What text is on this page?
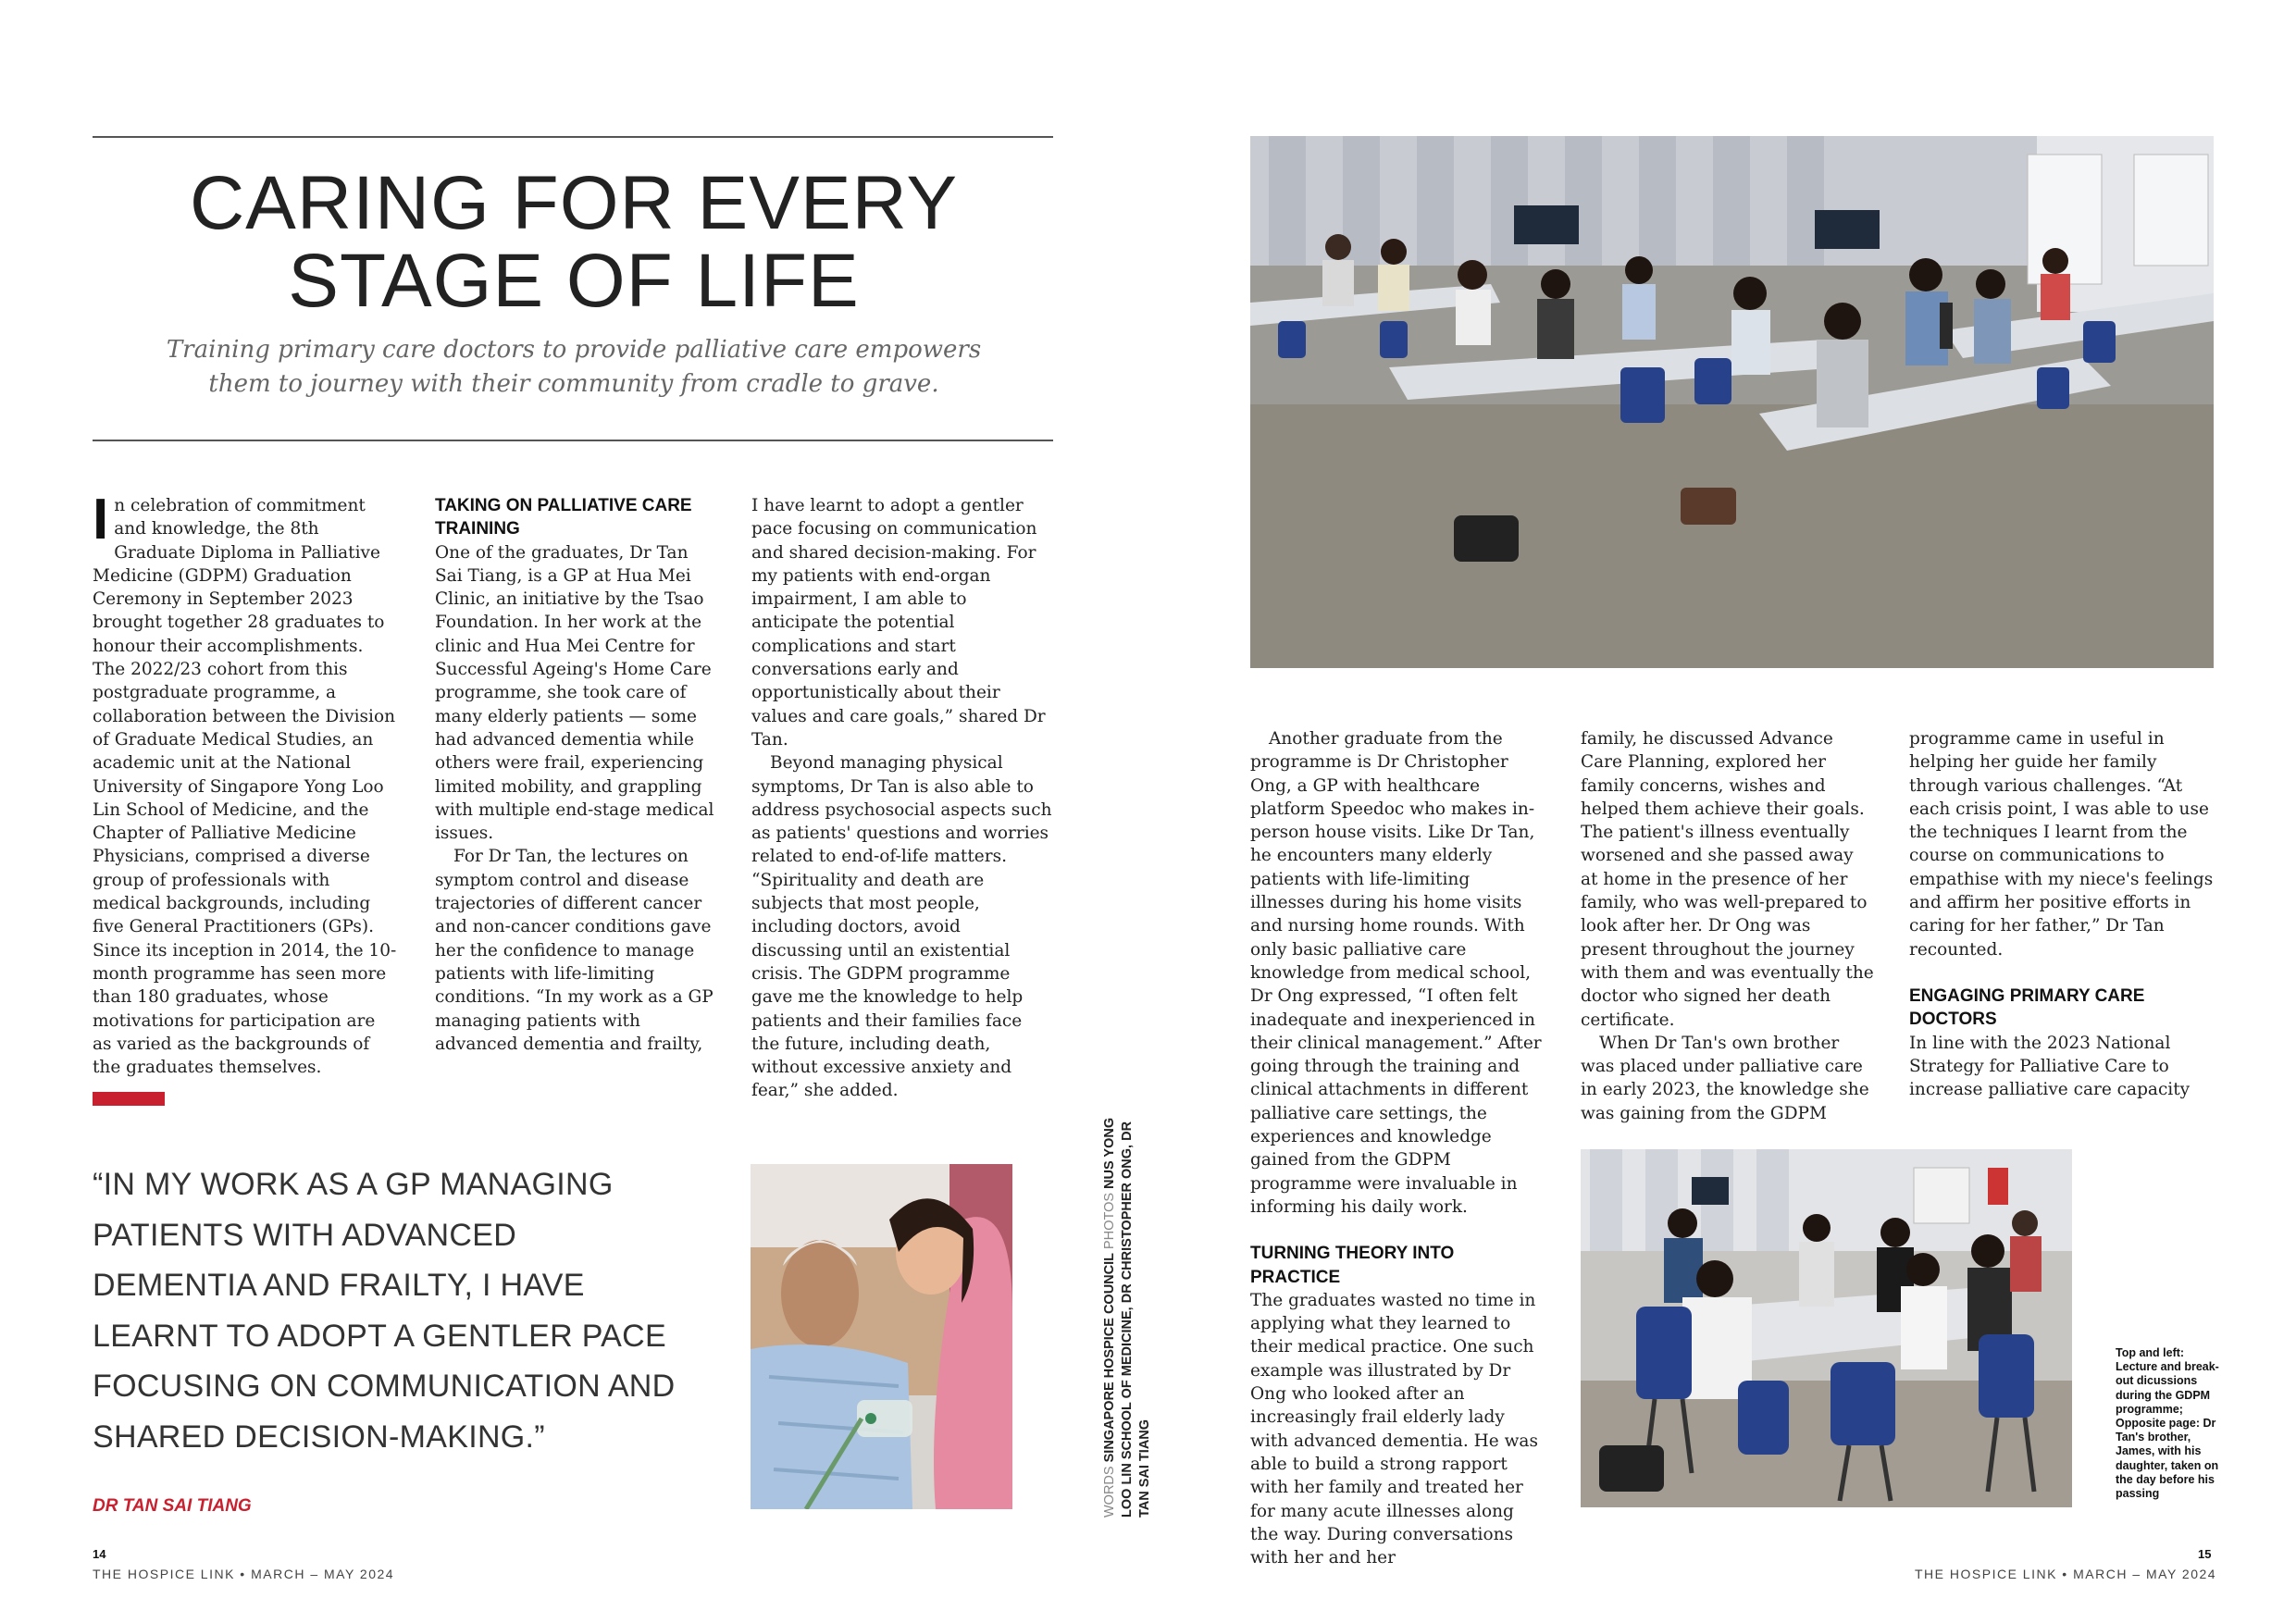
CARING FOR EVERY STAGE OF LIFE

Training primary care doctors to provide palliative care empowers them to journey with their community from cradle to grave.

I n celebration of commitment and knowledge, the 8th Graduate Diploma in Palliative Medicine (GDPM) Graduation Ceremony in September 2023 brought together 28 graduates to honour their accomplishments. The 2022/23 cohort from this postgraduate programme, a collaboration between the Division of Graduate Medical Studies, an academic unit at the National University of Singapore Yong Loo Lin School of Medicine, and the Chapter of Palliative Medicine Physicians, comprised a diverse group of professionals with medical backgrounds, including five General Practitioners (GPs). Since its inception in 2014, the 10-month programme has seen more than 180 graduates, whose motivations for participation are as varied as the backgrounds of the graduates themselves.

TAKING ON PALLIATIVE CARE TRAINING

One of the graduates, Dr Tan Sai Tiang, is a GP at Hua Mei Clinic, an initiative by the Tsao Foundation. In her work at the clinic and Hua Mei Centre for Successful Ageing's Home Care programme, she took care of many elderly patients — some had advanced dementia while others were frail, experiencing limited mobility, and grappling with multiple end-stage medical issues.

For Dr Tan, the lectures on symptom control and disease trajectories of different cancer and non-cancer conditions gave her the confidence to manage patients with life-limiting conditions. “In my work as a GP managing patients with advanced dementia and frailty,

I have learnt to adopt a gentler pace focusing on communication and shared decision-making. For my patients with end-organ impairment, I am able to anticipate the potential complications and start conversations early and opportunistically about their values and care goals,” shared Dr Tan.

Beyond managing physical symptoms, Dr Tan is also able to address psychosocial aspects such as patients' questions and worries related to end-of-life matters. “Spirituality and death are subjects that most people, including doctors, avoid discussing until an existential crisis. The GDPM programme gave me the knowledge to help patients and their families face the future, including death, without excessive anxiety and fear,” she added.

“IN MY WORK AS A GP MANAGING PATIENTS WITH ADVANCED DEMENTIA AND FRAILTY, I HAVE LEARNT TO ADOPT A GENTLER PACE FOCUSING ON COMMUNICATION AND SHARED DECISION-MAKING.”
DR TAN SAI TIANG	WORDS SINGAPORE HOSPICE COUNCIL PHOTOS NUS YONG LOO LIN SCHOOL OF MEDICINE, DR CHRISTOPHER ONG, DR TAN SAI TIANG
14
THE HOSPICE LINK • MARCH – MAY 2024

Another graduate from the programme is Dr Christopher Ong, a GP with healthcare platform Speedoc who makes in-person house visits. Like Dr Tan, he encounters many elderly patients with life-limiting illnesses during his home visits and nursing home rounds. With only basic palliative care knowledge from medical school, Dr Ong expressed, “I often felt inadequate and inexperienced in their clinical management.” After going through the training and clinical attachments in different palliative care settings, the experiences and knowledge gained from the GDPM programme were invaluable in informing his daily work.

TURNING THEORY INTO PRACTICE

The graduates wasted no time in applying what they learned to their medical practice. One such example was illustrated by Dr Ong who looked after an increasingly frail elderly lady with advanced dementia. He was able to build a strong rapport with her family and treated her for many acute illnesses along the way. During conversations with her and her

family, he discussed Advance Care Planning, explored her family concerns, wishes and helped them achieve their goals. The patient's illness eventually worsened and she passed away at home in the presence of her family, who was well-prepared to look after her. Dr Ong was present throughout the journey with them and was eventually the doctor who signed her death certificate.

When Dr Tan's own brother was placed under palliative care in early 2023, the knowledge she was gaining from the GDPM

programme came in useful in helping her guide her family through various challenges. “At each crisis point, I was able to use the techniques I learnt from the course on communications to empathise with my niece's feelings and affirm her positive efforts in caring for her father,” Dr Tan recounted.

ENGAGING PRIMARY CARE DOCTORS

In line with the 2023 National Strategy for Palliative Care to increase palliative care capacity

Top and left: Lecture and break-out dicussions during the GDPM programme; Opposite page: Dr Tan's brother, James, with his daughter, taken on the day before his passing
15
THE HOSPICE LINK • MARCH – MAY 2024
